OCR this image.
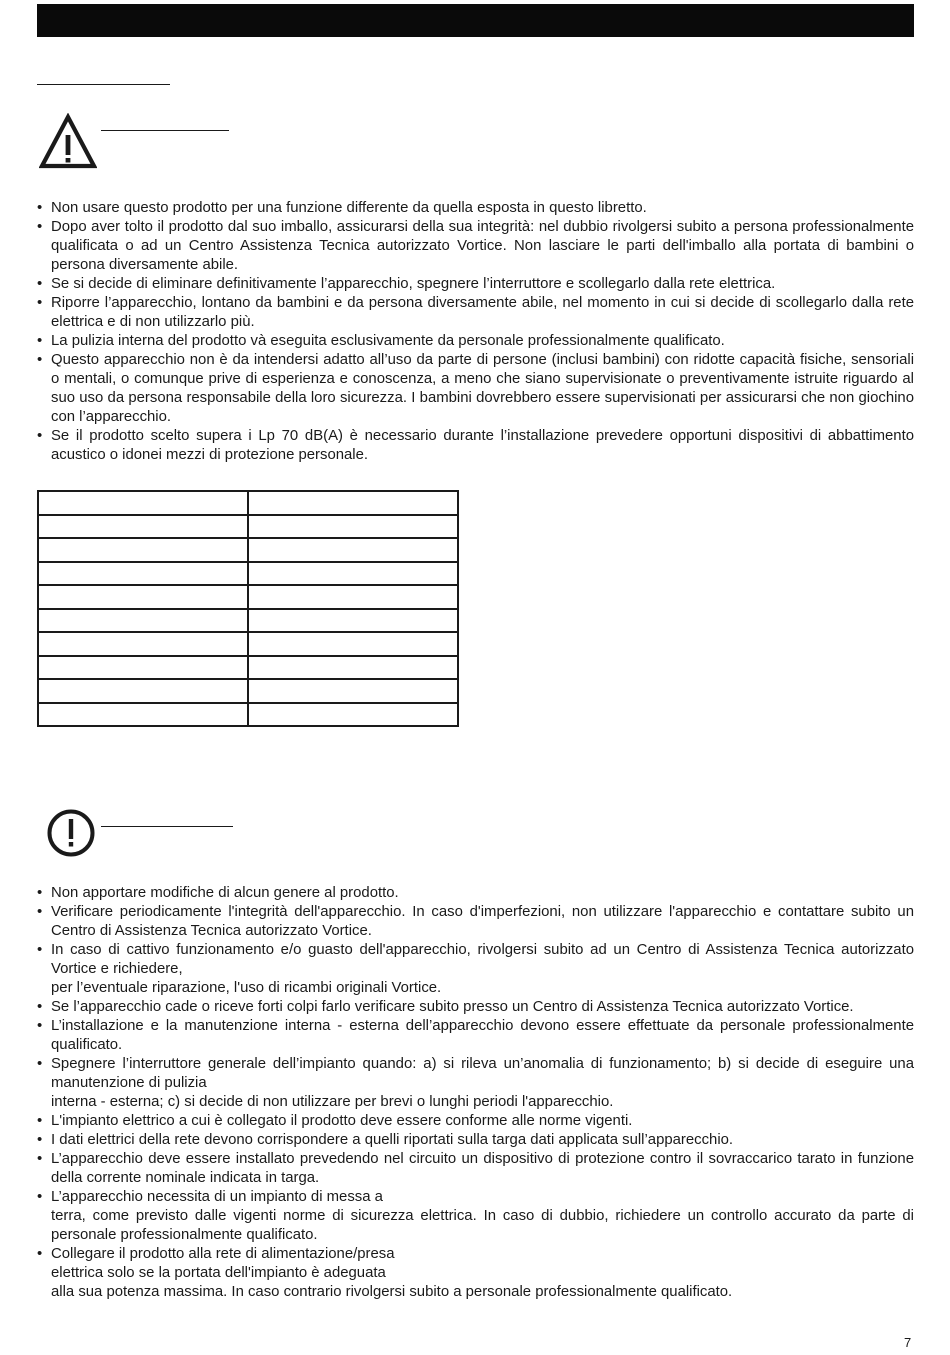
• Non usare questo prodotto per una funzione differente da quella esposta in questo libretto.
• Dopo aver tolto il prodotto dal suo imballo, assicurarsi della sua integrità: nel dubbio rivolgersi subito a persona professionalmente qualificata o ad un Centro Assistenza Tecnica autorizzato Vortice. Non lasciare le parti dell'imballo alla portata di bambini o persona diversamente abile.
• Se si decide di eliminare definitivamente l’apparecchio, spegnere l’interruttore e scollegarlo dalla rete elettrica.
• Riporre l’apparecchio, lontano da bambini e da persona diversamente abile, nel momento in cui si decide di scollegarlo dalla rete elettrica e di non utilizzarlo più.
• La pulizia interna del prodotto và eseguita esclusivamente da personale professionalmente qualificato.
• Questo apparecchio non è da intendersi adatto all’uso da parte di persone (inclusi bambini) con ridotte capacità fisiche, sensoriali o mentali, o comunque prive di esperienza e conoscenza, a meno che siano supervisionate o preventivamente istruite riguardo al suo uso da persona responsabile della loro sicurezza. I bambini dovrebbero essere supervisionati per assicurarsi che non giochino con l’apparecchio.
• Se il prodotto scelto supera i Lp 70 dB(A) è necessario durante l’installazione prevedere opportuni dispositivi di abbattimento acustico o idonei mezzi di protezione personale.

• Non apportare modifiche di alcun genere al prodotto.
• Verificare periodicamente l'integrità dell'apparecchio. In caso d'imperfezioni, non utilizzare l'apparecchio e contattare subito un Centro di Assistenza Tecnica autorizzato Vortice.
• In caso di cattivo funzionamento e/o guasto dell'apparecchio, rivolgersi subito ad un Centro di Assistenza Tecnica autorizzato Vortice e richiedere,
per l’eventuale riparazione, l'uso di ricambi originali Vortice.
• Se l’apparecchio cade o riceve forti colpi farlo verificare subito presso un Centro di Assistenza Tecnica autorizzato Vortice.
• L’installazione e la manutenzione interna - esterna dell’apparecchio devono essere effettuate da personale professionalmente qualificato.
• Spegnere l’interruttore generale dell’impianto quando: a) si rileva un’anomalia di funzionamento; b) si decide di eseguire una manutenzione di pulizia
interna - esterna; c) si decide di non utilizzare per brevi o lunghi periodi l'apparecchio.
• L'impianto elettrico a cui è collegato il prodotto deve essere conforme alle norme vigenti.
• I dati elettrici della rete devono corrispondere a quelli riportati sulla targa dati applicata sull’apparecchio.
• L’apparecchio deve essere installato prevedendo nel circuito un dispositivo di protezione contro il sovraccarico tarato in funzione della corrente nominale indicata in targa.
• L’apparecchio necessita di un impianto di messa a
terra, come previsto dalle vigenti norme di sicurezza elettrica. In caso di dubbio, richiedere un controllo accurato da parte di personale professionalmente qualificato.
• Collegare il prodotto alla rete di alimentazione/presa
elettrica solo se la portata dell'impianto è adeguata
alla sua potenza massima. In caso contrario rivolgersi subito a personale professionalmente qualificato.
7
